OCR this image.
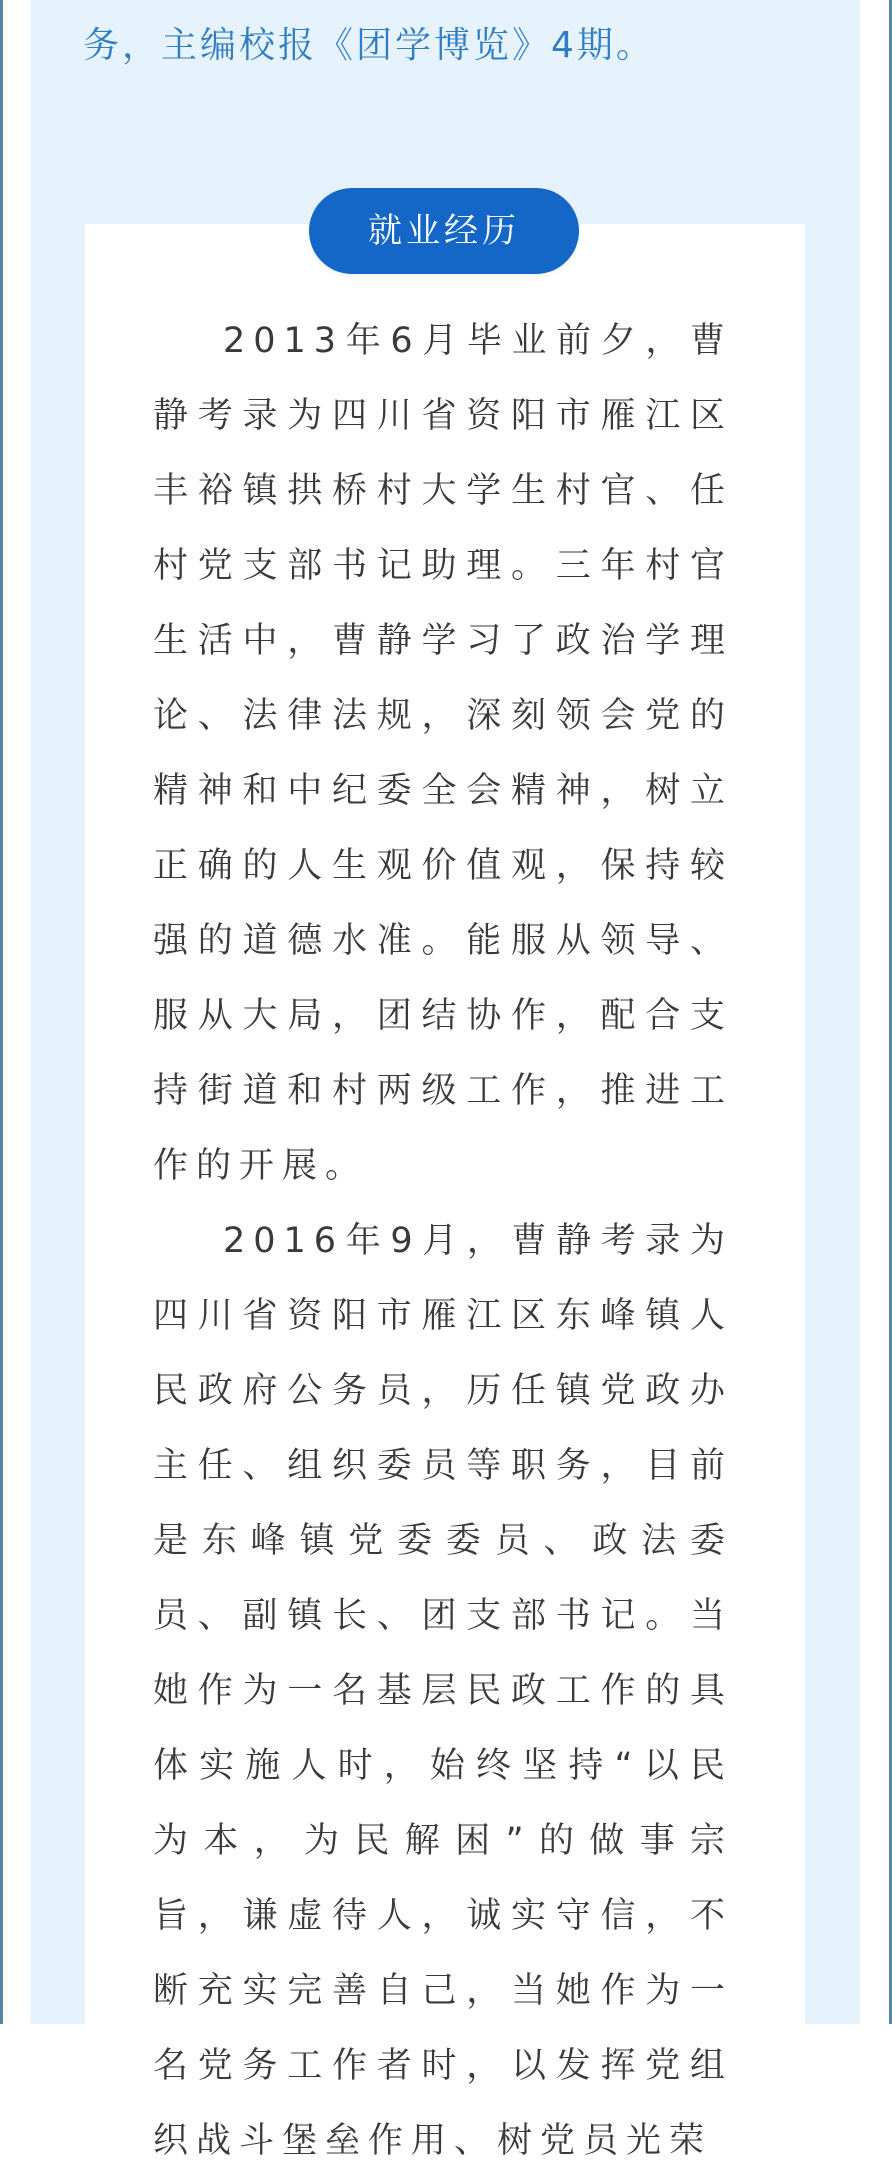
务，主编校报《团学博览》4期。

就业经历

2013年6月毕业前夕，曹静考录为四川省资阳市雁江区丰裕镇拱桥村大学生村官、任村党支部书记助理。三年村官生活中，曹静学习了政治学理论、法律法规，深刻领会党的精神和中纪委全会精神，树立正确的人生观价值观，保持较强的道德水准。能服从领导、服从大局，团结协作，配合支持街道和村两级工作，推进工作的开展。

2016年9月，曹静考录为四川省资阳市雁江区东峰镇人民政府公务员，历任镇党政办主任、组织委员等职务，目前是东峰镇党委委员、政法委员、副镇长、团支部书记。当她作为一名基层民政工作的具体实施人时，始终坚持“以民为本，为民解困”的做事宗旨，谦虚待人，诚实守信，不断充实完善自己，当她作为一名党务工作者时，以发挥党组织战斗堡垒作用、树党员光荣
